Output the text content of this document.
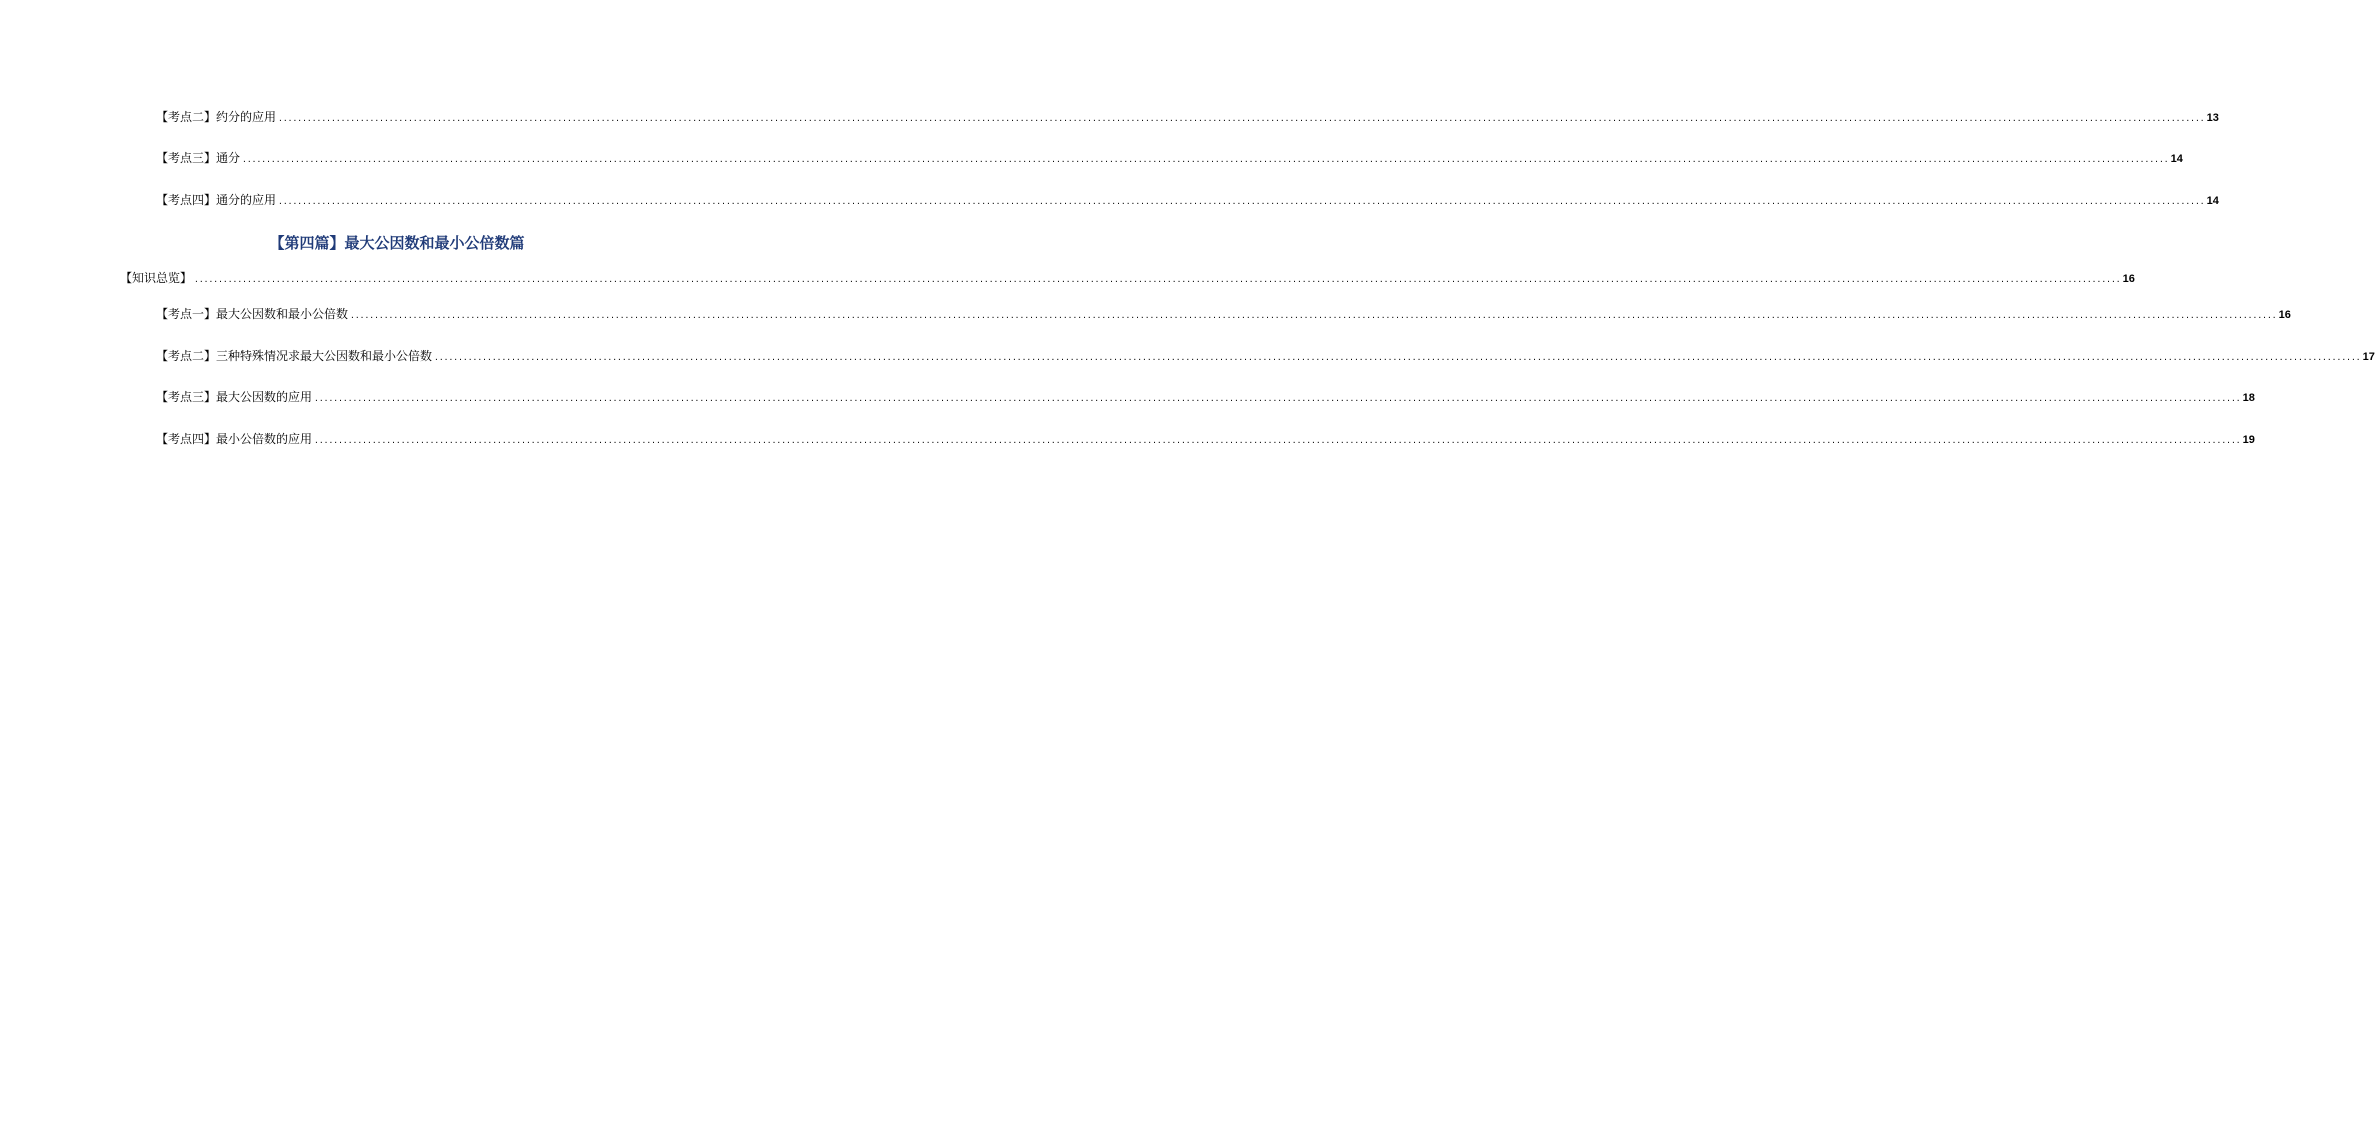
【考点二】约分的应用 ................................................................................................................................................................................................................................................................................................................................................................................................................ 13
【考点三】通分 ................................................................................................................................................................................................................................................................................................................................................................................................................ 14
【考点四】通分的应用 ................................................................................................................................................................................................................................................................................................................................................................................................................ 14
【第四篇】最大公因数和最小公倍数篇
【知识总览】 ................................................................................................................................................................................................................................................................................................................................................................................................................ 16
【考点一】最大公因数和最小公倍数 ................................................................................................................................................................................................................................................................................................................................................................................................................ 16
【考点二】三种特殊情况求最大公因数和最小公倍数 ................................................................................................................................................................................................................................................................................................................................................................................................................ 17
【考点三】最大公因数的应用 ................................................................................................................................................................................................................................................................................................................................................................................................................ 18
【考点四】最小公倍数的应用 ................................................................................................................................................................................................................................................................................................................................................................................................................ 19
